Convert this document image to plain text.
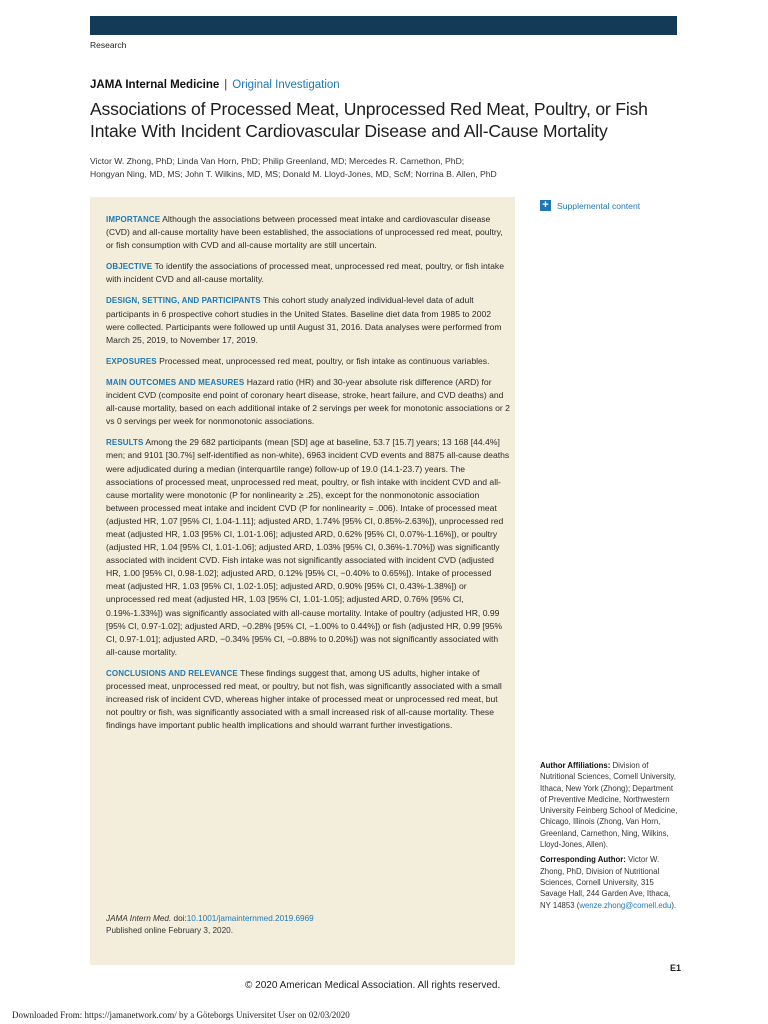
Research
JAMA Internal Medicine | Original Investigation
Associations of Processed Meat, Unprocessed Red Meat, Poultry, or Fish Intake With Incident Cardiovascular Disease and All-Cause Mortality
Victor W. Zhong, PhD; Linda Van Horn, PhD; Philip Greenland, MD; Mercedes R. Carnethon, PhD;
Hongyan Ning, MD, MS; John T. Wilkins, MD, MS; Donald M. Lloyd-Jones, MD, ScM; Norrina B. Allen, PhD

IMPORTANCE Although the associations between processed meat intake and cardiovascular disease (CVD) and all-cause mortality have been established, the associations of unprocessed red meat, poultry, or fish consumption with CVD and all-cause mortality are still uncertain.

OBJECTIVE To identify the associations of processed meat, unprocessed red meat, poultry, or fish intake with incident CVD and all-cause mortality.

DESIGN, SETTING, AND PARTICIPANTS This cohort study analyzed individual-level data of adult participants in 6 prospective cohort studies in the United States. Baseline diet data from 1985 to 2002 were collected. Participants were followed up until August 31, 2016. Data analyses were performed from March 25, 2019, to November 17, 2019.

EXPOSURES Processed meat, unprocessed red meat, poultry, or fish intake as continuous variables.

MAIN OUTCOMES AND MEASURES Hazard ratio (HR) and 30-year absolute risk difference (ARD) for incident CVD (composite end point of coronary heart disease, stroke, heart failure, and CVD deaths) and all-cause mortality, based on each additional intake of 2 servings per week for monotonic associations or 2 vs 0 servings per week for nonmonotonic associations.

RESULTS Among the 29 682 participants (mean [SD] age at baseline, 53.7 [15.7] years; 13 168 [44.4%] men; and 9101 [30.7%] self-identified as non-white), 6963 incident CVD events and 8875 all-cause deaths were adjudicated during a median (interquartile range) follow-up of 19.0 (14.1-23.7) years. The associations of processed meat, unprocessed red meat, poultry, or fish intake with incident CVD and all-cause mortality were monotonic (P for nonlinearity ≥ .25), except for the nonmonotonic association between processed meat intake and incident CVD (P for nonlinearity = .006). Intake of processed meat (adjusted HR, 1.07 [95% CI, 1.04-1.11]; adjusted ARD, 1.74% [95% CI, 0.85%-2.63%]), unprocessed red meat (adjusted HR, 1.03 [95% CI, 1.01-1.06]; adjusted ARD, 0.62% [95% CI, 0.07%-1.16%]), or poultry (adjusted HR, 1.04 [95% CI, 1.01-1.06]; adjusted ARD, 1.03% [95% CI, 0.36%-1.70%]) was significantly associated with incident CVD. Fish intake was not significantly associated with incident CVD (adjusted HR, 1.00 [95% CI, 0.98-1.02]; adjusted ARD, 0.12% [95% CI, −0.40% to 0.65%]). Intake of processed meat (adjusted HR, 1.03 [95% CI, 1.02-1.05]; adjusted ARD, 0.90% [95% CI, 0.43%-1.38%]) or unprocessed red meat (adjusted HR, 1.03 [95% CI, 1.01-1.05]; adjusted ARD, 0.76% [95% CI, 0.19%-1.33%]) was significantly associated with all-cause mortality. Intake of poultry (adjusted HR, 0.99 [95% CI, 0.97-1.02]; adjusted ARD, −0.28% [95% CI, −1.00% to 0.44%]) or fish (adjusted HR, 0.99 [95% CI, 0.97-1.01]; adjusted ARD, −0.34% [95% CI, −0.88% to 0.20%]) was not significantly associated with all-cause mortality.

CONCLUSIONS AND RELEVANCE These findings suggest that, among US adults, higher intake of processed meat, unprocessed red meat, or poultry, but not fish, was significantly associated with a small increased risk of incident CVD, whereas higher intake of processed meat or unprocessed red meat, but not poultry or fish, was significantly associated with a small increased risk of all-cause mortality. These findings have important public health implications and should warrant further investigations.

JAMA Intern Med. doi:10.1001/jamainternmed.2019.6969
Published online February 3, 2020.
+ Supplemental content

Author Affiliations: Division of Nutritional Sciences, Cornell University, Ithaca, New York (Zhong); Department of Preventive Medicine, Northwestern University Feinberg School of Medicine, Chicago, Illinois (Zhong, Van Horn, Greenland, Carnethon, Ning, Wilkins, Lloyd-Jones, Allen).

Corresponding Author: Victor W. Zhong, PhD, Division of Nutritional Sciences, Cornell University, 315 Savage Hall, 244 Garden Ave, Ithaca, NY 14853 (wenze.zhong@cornell.edu).

E1
© 2020 American Medical Association. All rights reserved.
Downloaded From: https://jamanetwork.com/ by a Göteborgs Universitet User on 02/03/2020
